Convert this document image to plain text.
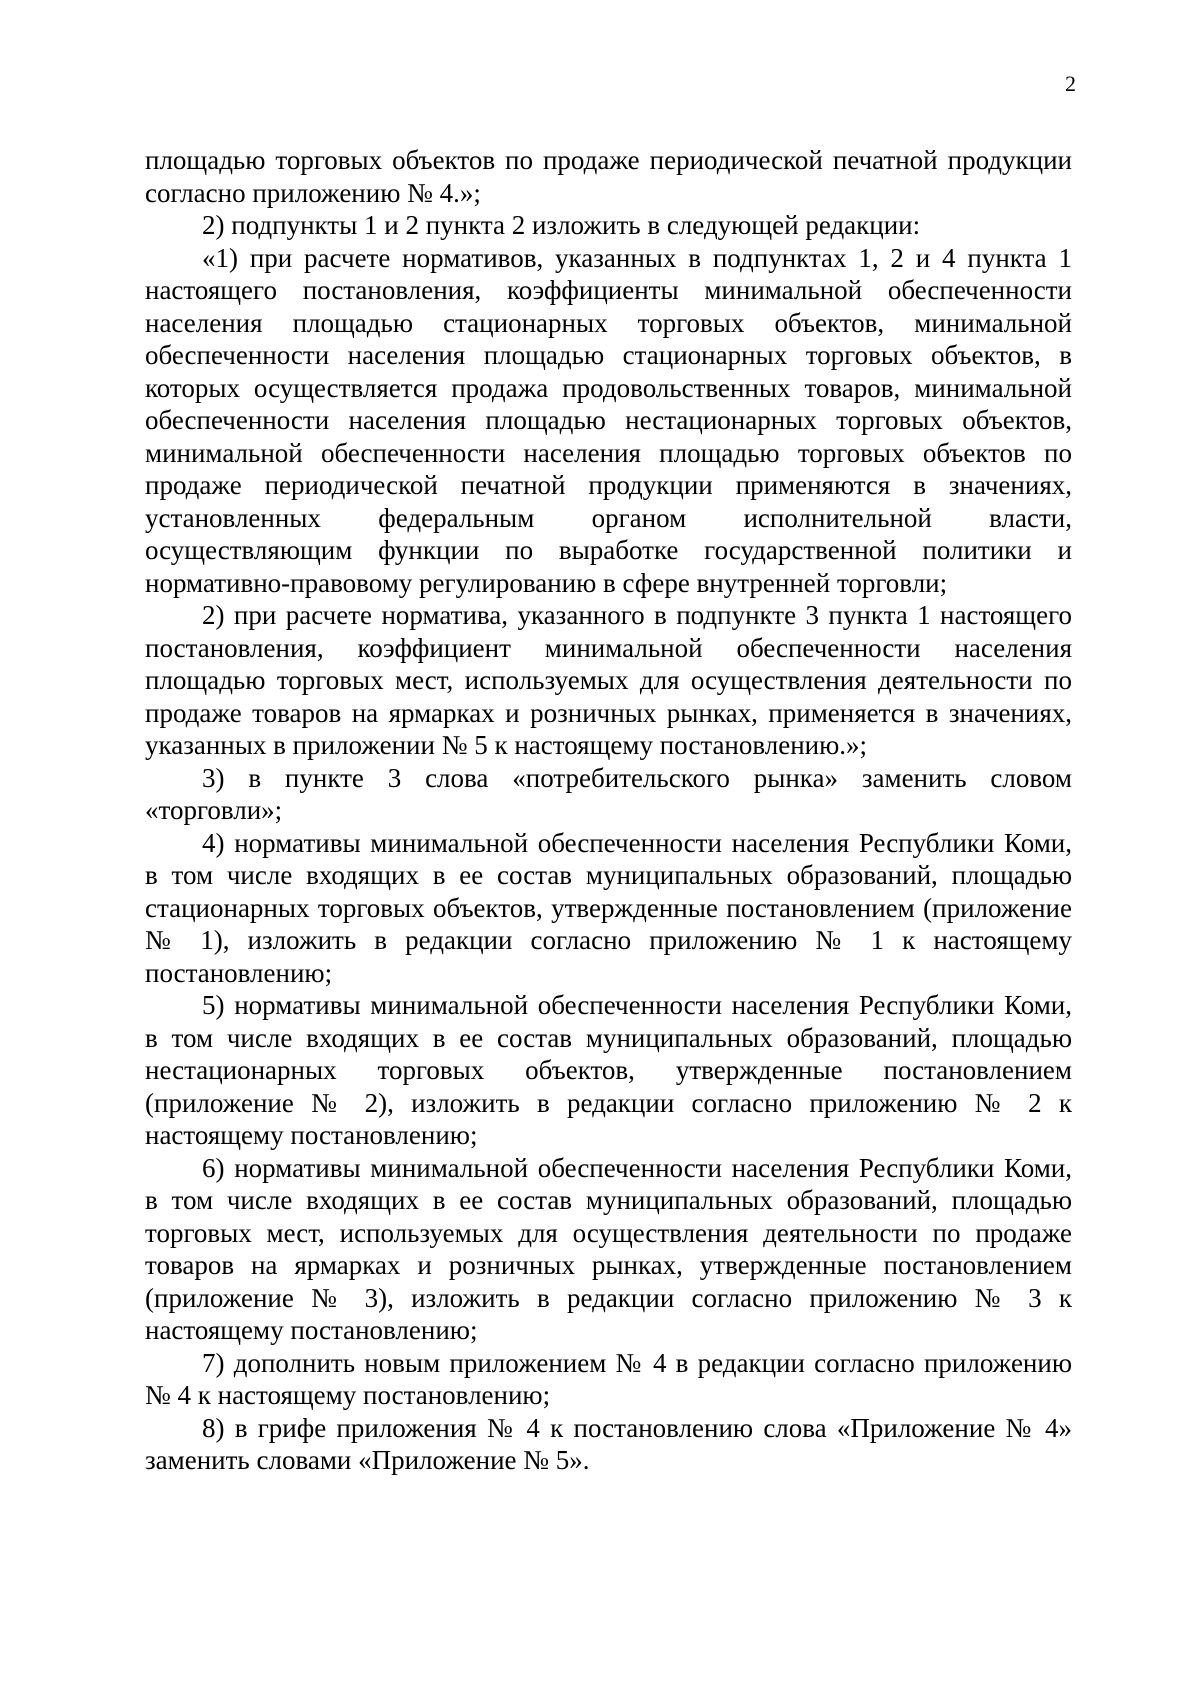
2

площадью торговых объектов по продаже периодической печатной продукции согласно приложению № 4.»;

2) подпункты 1 и 2 пункта 2 изложить в следующей редакции:

«1) при расчете нормативов, указанных в подпунктах 1, 2 и 4 пункта 1 настоящего постановления, коэффициенты минимальной обеспеченности населения площадью стационарных торговых объектов, минимальной обеспеченности населения площадью стационарных торговых объектов, в которых осуществляется продажа продовольственных товаров, минимальной обеспеченности населения площадью нестационарных торговых объектов, минимальной обеспеченности населения площадью торговых объектов по продаже периодической печатной продукции применяются в значениях, установленных федеральным органом исполнительной власти, осуществляющим функции по выработке государственной политики и нормативно-правовому регулированию в сфере внутренней торговли;

2) при расчете норматива, указанного в подпункте 3 пункта 1 настоящего постановления, коэффициент минимальной обеспеченности населения площадью торговых мест, используемых для осуществления деятельности по продаже товаров на ярмарках и розничных рынках, применяется в значениях, указанных в приложении № 5 к настоящему постановлению.»;

3) в пункте 3 слова «потребительского рынка» заменить словом «торговли»;

4) нормативы минимальной обеспеченности населения Республики Коми, в том числе входящих в ее состав муниципальных образований, площадью стационарных торговых объектов, утвержденные постановлением (приложение № 1), изложить в редакции согласно приложению № 1 к настоящему постановлению;

5) нормативы минимальной обеспеченности населения Республики Коми, в том числе входящих в ее состав муниципальных образований, площадью нестационарных торговых объектов, утвержденные постановлением (приложение № 2), изложить в редакции согласно приложению № 2 к настоящему постановлению;

6) нормативы минимальной обеспеченности населения Республики Коми, в том числе входящих в ее состав муниципальных образований, площадью торговых мест, используемых для осуществления деятельности по продаже товаров на ярмарках и розничных рынках, утвержденные постановлением (приложение № 3), изложить в редакции согласно приложению № 3 к настоящему постановлению;

7) дополнить новым приложением № 4 в редакции согласно приложению № 4 к настоящему постановлению;

8) в грифе приложения № 4 к постановлению слова «Приложение № 4» заменить словами «Приложение № 5».
